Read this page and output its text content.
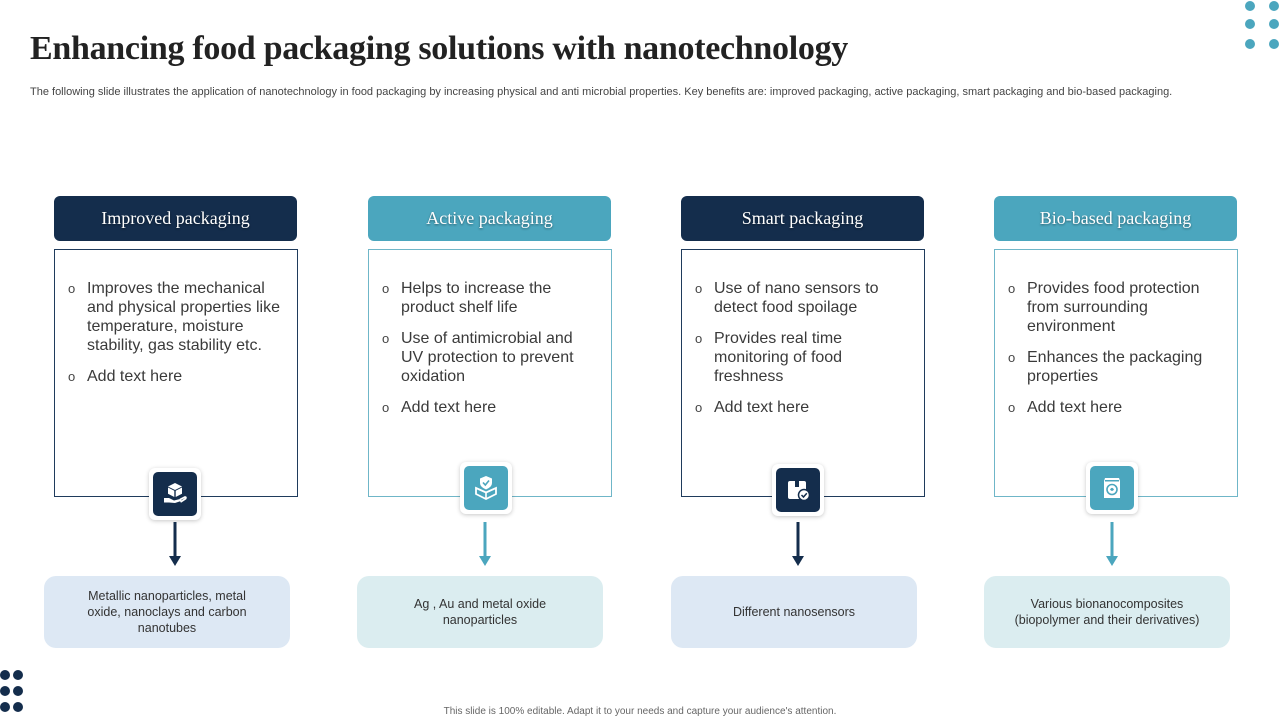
Enhancing food packaging solutions with nanotechnology
The following slide illustrates the application of nanotechnology in food packaging by increasing physical and anti microbial properties. Key benefits are: improved packaging, active packaging, smart packaging and bio-based packaging.
Improved packaging
o Improves the mechanical and physical properties like temperature, moisture stability, gas stability etc.
o Add text here
Metallic nanoparticles, metal oxide, nanoclays and carbon nanotubes
Active packaging
o Helps to increase the product shelf life
o Use of antimicrobial and UV protection to prevent oxidation
o Add text here
Ag , Au and metal oxide nanoparticles
Smart packaging
o Use of nano sensors to detect food spoilage
o Provides real time monitoring of food freshness
o Add text here
Different nanosensors
Bio-based packaging
o Provides food protection from surrounding environment
o Enhances the packaging properties
o Add text here
Various bionanocomposites (biopolymer and their derivatives)
This slide is 100% editable. Adapt it to your needs and capture your audience's attention.
